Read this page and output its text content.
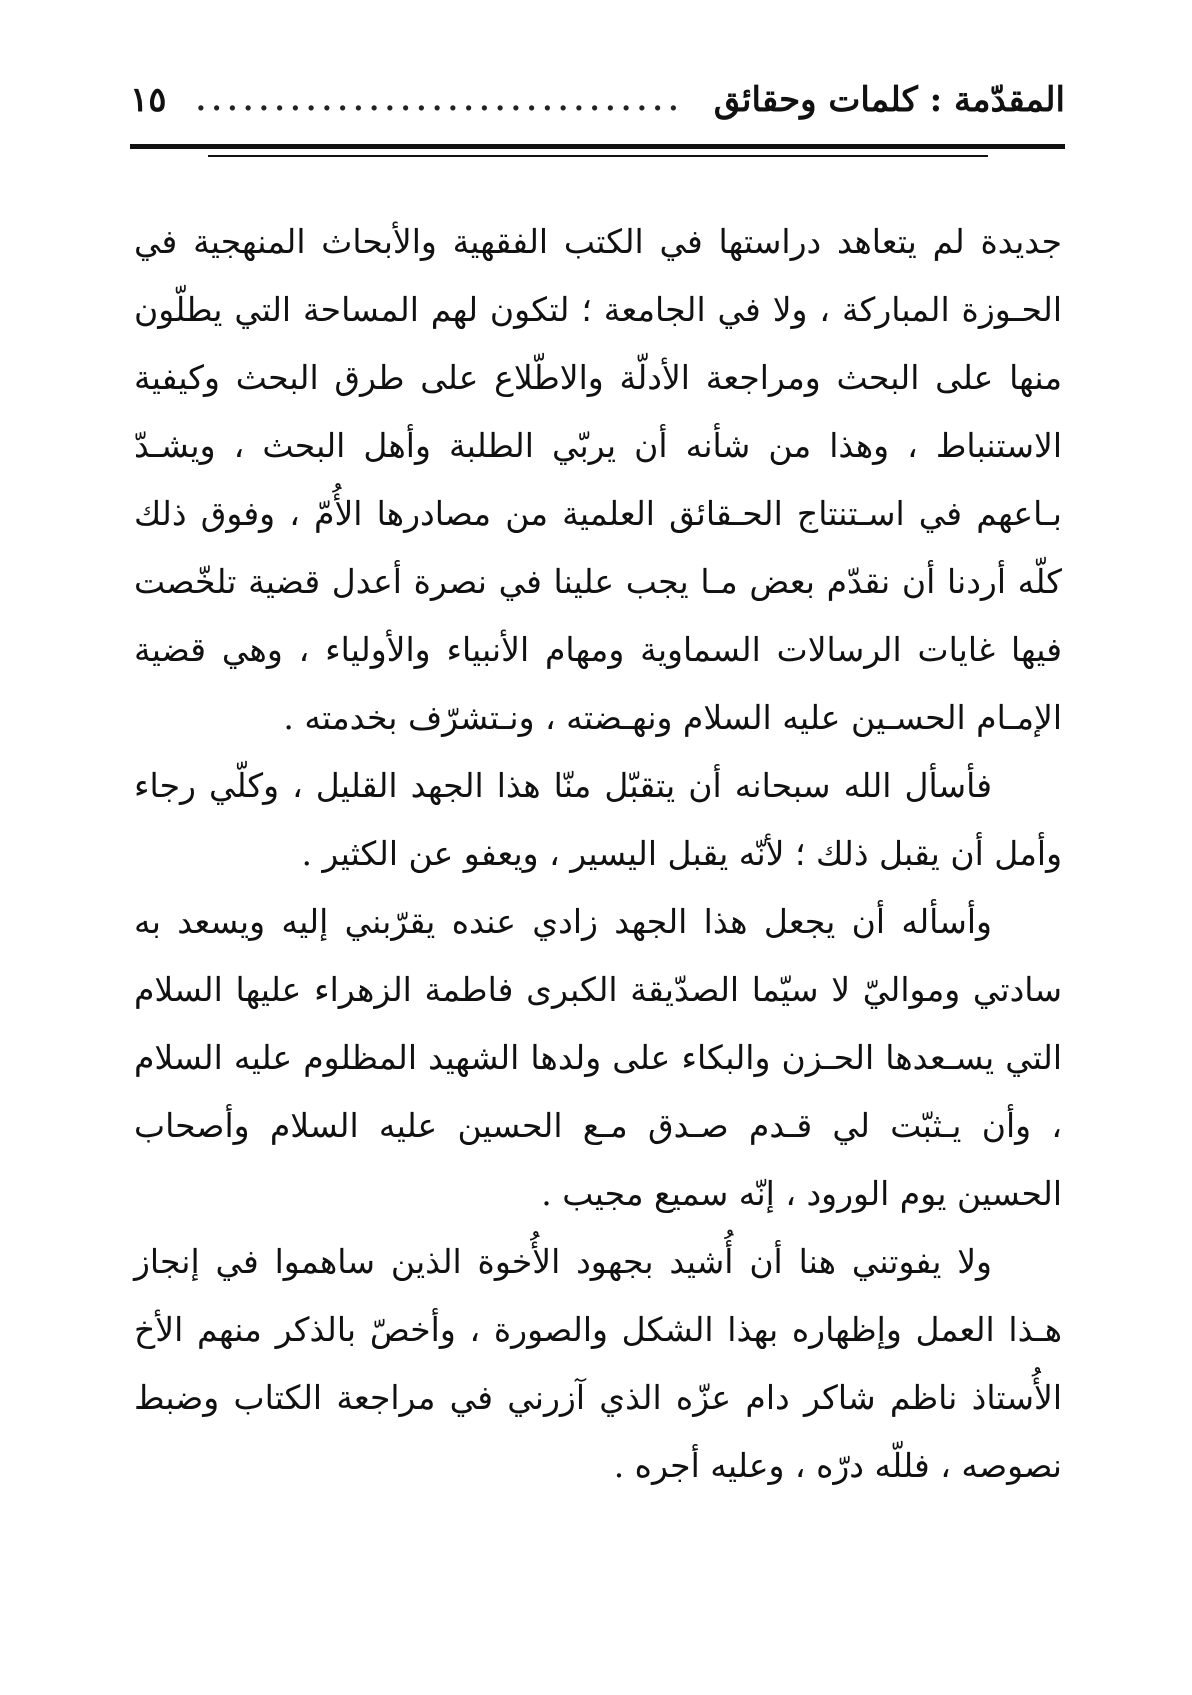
المقدّمة : كلمات وحقائق
...............................
١٥

جديدة لم يتعاهد دراستها في الكتب الفقهية والأبحاث المنهجية في الحـوزة المباركة ، ولا في الجامعة ؛ لتكون لهم المساحة التي يطلّون منها على البحث ومراجعة الأدلّة والاطّلاع على طرق البحث وكيفية الاستنباط ، وهذا من شأنه أن يربّي الطلبة وأهل البحث ، ويشـدّ بـاعهم في اسـتنتاج الحـقائق العلمية من مصادرها الأُمّ ، وفوق ذلك كلّه أردنا أن نقدّم بعض مـا يجب علينا في نصرة أعدل قضية تلخّصت فيها غايات الرسالات السماوية ومهام الأنبياء والأولياء ، وهي قضية الإمـام الحسـين عليه السلام ونهـضته ، ونـتشرّف بخدمته .

فأسأل الله سبحانه أن يتقبّل منّا هذا الجهد القليل ، وكلّي رجاء وأمل أن يقبل ذلك ؛ لأنّه يقبل اليسير ، ويعفو عن الكثير .

وأسأله أن يجعل هذا الجهد زادي عنده يقرّبني إليه ويسعد به سادتي ومواليّ لا سيّما الصدّيقة الكبرى فاطمة الزهراء عليها السلام التي يسـعدها الحـزن والبكاء على ولدها الشهيد المظلوم عليه السلام ، وأن يـثبّت لي قـدم صـدق مـع الحسين عليه السلام وأصحاب الحسين يوم الورود ، إنّه سميع مجيب .

ولا يفوتني هنا أن أُشيد بجهود الأُخوة الذين ساهموا في إنجاز هـذا العمل وإظهاره بهذا الشكل والصورة ، وأخصّ بالذكر منهم الأخ الأُستاذ ناظم شاكر دام عزّه الذي آزرني في مراجعة الكتاب وضبط نصوصه ، فللّه درّه ، وعليه أجره .
